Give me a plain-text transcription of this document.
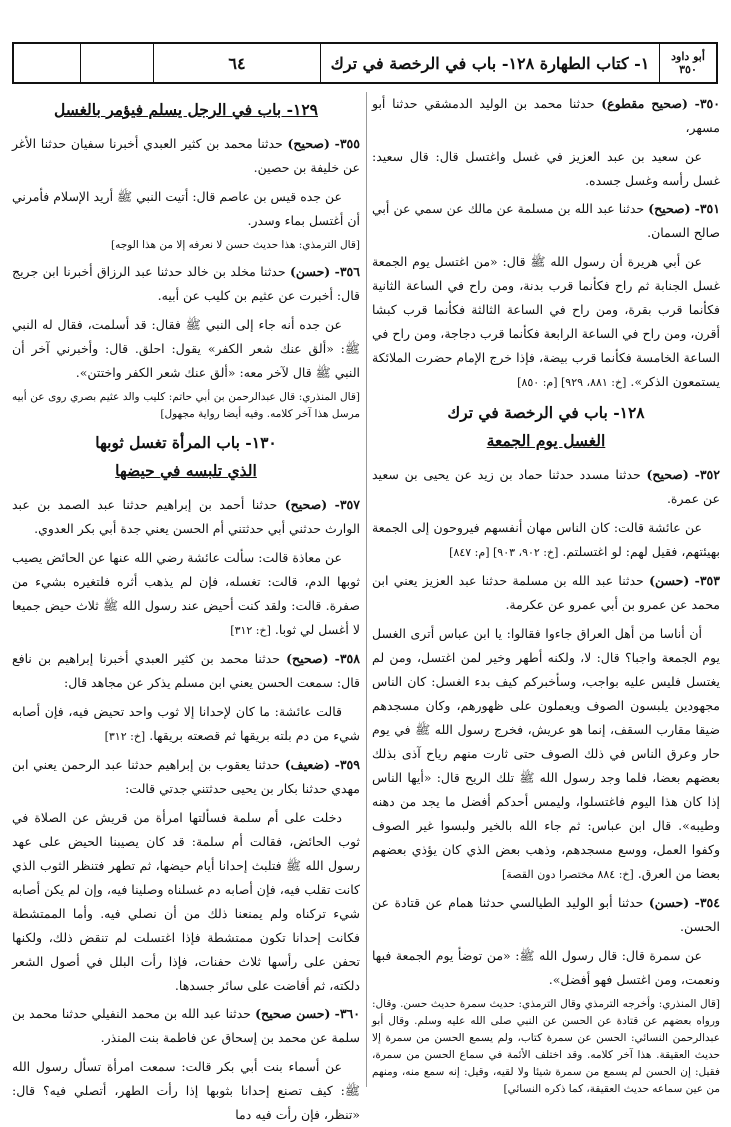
أبو داود
٣٥٠
١- كتاب الطهارة ١٢٨- باب في الرخصة في ترك
٦٤

٣٥٠- (صحيح مقطوع) حدثنا محمد بن الوليد الدمشقي حدثنا أبو مسهر،

عن سعيد بن عبد العزيز في غسل واغتسل قال: قال سعيد: غسل رأسه وغسل جسده.

٣٥١- (صحيح) حدثنا عبد الله بن مسلمة عن مالك عن سمي عن أبي صالح السمان.

عن أبي هريرة أن رسول الله ﷺ قال: «من اغتسل يوم الجمعة غسل الجنابة ثم راح فكأنما قرب بدنة، ومن راح في الساعة الثانية فكأنما قرب بقرة، ومن راح في الساعة الثالثة فكأنما قرب كبشا أقرن، ومن راح في الساعة الرابعة فكأنما قرب دجاجة، ومن راح في الساعة الخامسة فكأنما قرب بيضة، فإذا خرج الإمام حضرت الملائكة يستمعون الذكر». [خ: ٨٨١، ٩٢٩] [م: ٨٥٠]

١٢٨- باب في الرخصة في ترك
الغسل يوم الجمعة

٣٥٢- (صحيح) حدثنا مسدد حدثنا حماد بن زيد عن يحيى بن سعيد عن عمرة.

عن عائشة قالت: كان الناس مهان أنفسهم فيروحون إلى الجمعة بهيئتهم، فقيل لهم: لو اغتسلتم. [خ: ٩٠٢، ٩٠٣] [م: ٨٤٧]

٣٥٣- (حسن) حدثنا عبد الله بن مسلمة حدثنا عبد العزيز يعني ابن محمد عن عمرو بن أبي عمرو عن عكرمة.

أن أناسا من أهل العراق جاءوا فقالوا: يا ابن عباس أترى الغسل يوم الجمعة واجبا؟ قال: لا، ولكنه أطهر وخير لمن اغتسل، ومن لم يغتسل فليس عليه بواجب، وسأخبركم كيف بدء الغسل: كان الناس مجهودين يلبسون الصوف ويعملون على ظهورهم، وكان مسجدهم ضيقا مقارب السقف، إنما هو عريش، فخرج رسول الله ﷺ في يوم حار وعرق الناس في ذلك الصوف حتى ثارت منهم رياح آذى بذلك بعضهم بعضا، فلما وجد رسول الله ﷺ تلك الريح قال: «أيها الناس إذا كان هذا اليوم فاغتسلوا، وليمس أحدكم أفضل ما يجد من دهنه وطيبه». قال ابن عباس: ثم جاء الله بالخير ولبسوا غير الصوف وكفوا العمل، ووسع مسجدهم، وذهب بعض الذي كان يؤذي بعضهم بعضا من العرق. [خ: ٨٨٤ مختصرا دون القصة]

٣٥٤- (حسن) حدثنا أبو الوليد الطيالسي حدثنا همام عن قتادة عن الحسن.

عن سمرة قال: قال رسول الله ﷺ: «من توضأ يوم الجمعة فبها ونعمت، ومن اغتسل فهو أفضل».

[قال المنذري: وأخرجه الترمذي وقال الترمذي: حديث سمرة حديث حسن. وقال: ورواه بعضهم عن قتادة عن الحسن عن النبي صلى الله عليه وسلم. وقال أبو عبدالرحمن النسائي: الحسن عن سمرة كتاب، ولم يسمع الحسن من سمرة إلا حديث العقيقة. هذا آخر كلامه. وقد اختلف الأئمة في سماع الحسن من سمرة، فقيل: إن الحسن لم يسمع من سمرة شيئا ولا لقيه، وقيل: إنه سمع منه، ومنهم من عين سماعه حديث العقيقة، كما ذكره النسائي]

١٢٩- باب في الرجل يسلم فيؤمر بالغسل

٣٥٥- (صحيح) حدثنا محمد بن كثير العبدي أخبرنا سفيان حدثنا الأغر عن خليفة بن حصين.

عن جده قيس بن عاصم قال: أتيت النبي ﷺ أريد الإسلام فأمرني أن أغتسل بماء وسدر.

[قال الترمذي: هذا حديث حسن لا نعرفه إلا من هذا الوجه]

٣٥٦- (حسن) حدثنا مخلد بن خالد حدثنا عبد الرزاق أخبرنا ابن جريج قال: أخبرت عن عثيم بن كليب عن أبيه.

عن جده أنه جاء إلى النبي ﷺ فقال: قد أسلمت، فقال له النبي ﷺ: «ألق عنك شعر الكفر» يقول: احلق. قال: وأخبرني آخر أن النبي ﷺ قال لآخر معه: «ألق عنك شعر الكفر واختتن».

[قال المنذري: قال عبدالرحمن بن أبي حاتم: كليب والد عثيم بصري روى عن أبيه مرسل هذا آخر كلامه. وفيه أيضا رواية مجهول]

١٣٠- باب المرأة تغسل ثوبها
الذي تلبسه في حيضها

٣٥٧- (صحيح) حدثنا أحمد بن إبراهيم حدثنا عبد الصمد بن عبد الوارث حدثني أبي حدثتني أم الحسن يعني جدة أبي بكر العدوي.

عن معاذة قالت: سألت عائشة رضي الله عنها عن الحائض يصيب ثوبها الدم، قالت: تغسله، فإن لم يذهب أثره فلتغيره بشيء من صفرة. قالت: ولقد كنت أحيض عند رسول الله ﷺ ثلاث حيض جميعا لا أغسل لي ثوبا. [خ: ٣١٢]

٣٥٨- (صحيح) حدثنا محمد بن كثير العبدي أخبرنا إبراهيم بن نافع قال: سمعت الحسن يعني ابن مسلم يذكر عن مجاهد قال:

قالت عائشة: ما كان لإحدانا إلا ثوب واحد تحيض فيه، فإن أصابه شيء من دم بلته بريقها ثم قصعته بريقها. [خ: ٣١٢]

٣٥٩- (ضعيف) حدثنا يعقوب بن إبراهيم حدثنا عبد الرحمن يعني ابن مهدي حدثنا بكار بن يحيى حدثتني جدتي قالت:

دخلت على أم سلمة فسألتها امرأة من قريش عن الصلاة في ثوب الحائض، فقالت أم سلمة: قد كان يصيبنا الحيض على عهد رسول الله ﷺ فتلبث إحدانا أيام حيضها، ثم تطهر فتنظر الثوب الذي كانت تقلب فيه، فإن أصابه دم غسلناه وصلينا فيه، وإن لم يكن أصابه شيء تركناه ولم يمنعنا ذلك من أن نصلي فيه. وأما الممتشطة فكانت إحدانا تكون ممتشطة فإذا اغتسلت لم تنقض ذلك، ولكنها تحفن على رأسها ثلاث حفنات، فإذا رأت البلل في أصول الشعر دلكته، ثم أفاضت على سائر جسدها.

٣٦٠- (حسن صحيح) حدثنا عبد الله بن محمد النفيلي حدثنا محمد بن سلمة عن محمد بن إسحاق عن فاطمة بنت المنذر.

عن أسماء بنت أبي بكر قالت: سمعت امرأة تسأل رسول الله ﷺ: كيف تصنع إحدانا بثوبها إذا رأت الطهر، أتصلي فيه؟ قال: «تنظر، فإن رأت فيه دما
